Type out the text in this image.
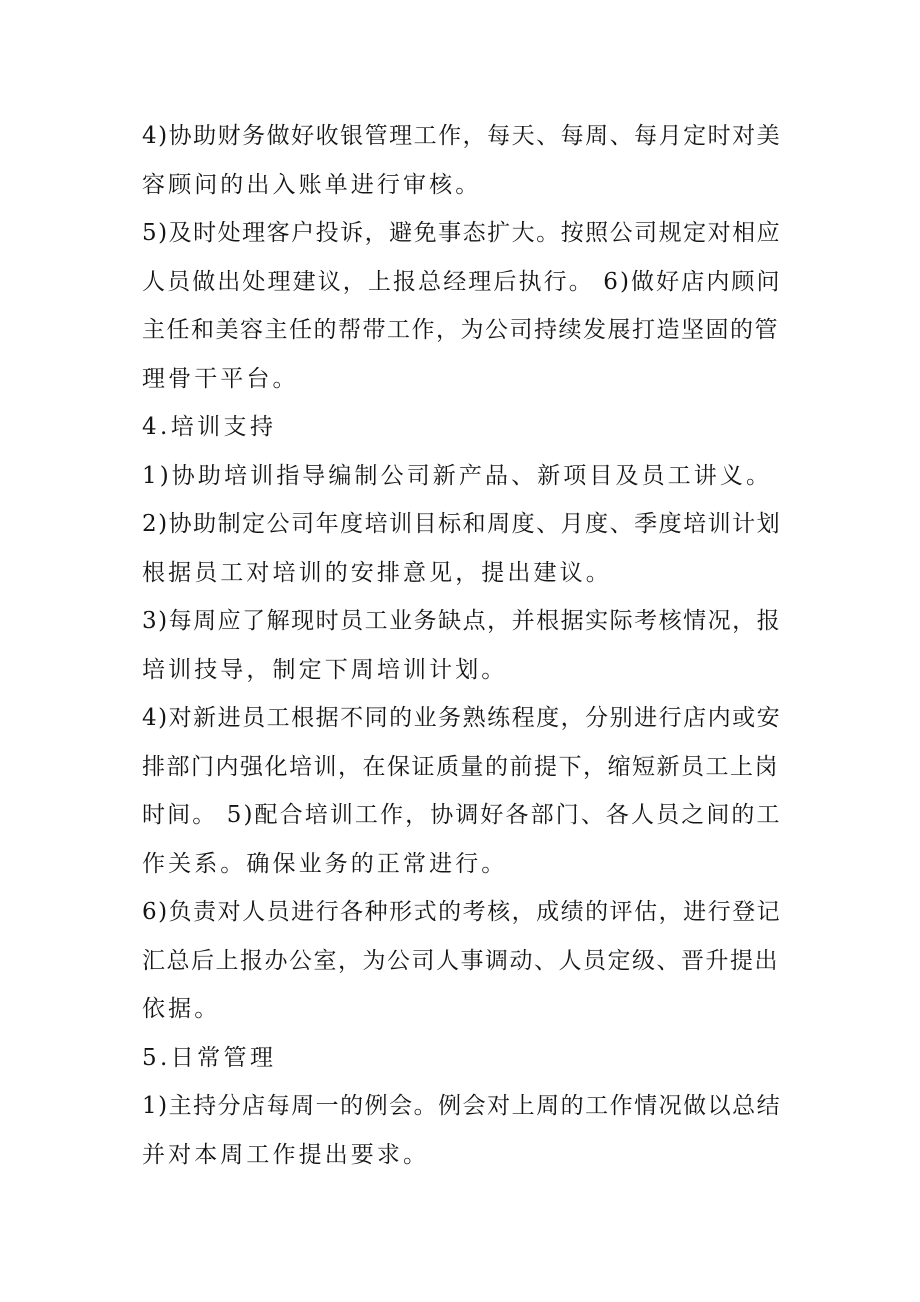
4)协助财务做好收银管理工作，每天、每周、每月定时对美
容顾问的出入账单进行审核。
5)及时处理客户投诉，避免事态扩大。按照公司规定对相应
人员做出处理建议，上报总经理后执行。 6)做好店内顾问
主任和美容主任的帮带工作，为公司持续发展打造坚固的管
理骨干平台。
4.培训支持
1)协助培训指导编制公司新产品、新项目及员工讲义。
2)协助制定公司年度培训目标和周度、月度、季度培训计划
根据员工对培训的安排意见，提出建议。
3)每周应了解现时员工业务缺点，并根据实际考核情况，报
培训技导，制定下周培训计划。
4)对新进员工根据不同的业务熟练程度，分别进行店内或安
排部门内强化培训，在保证质量的前提下，缩短新员工上岗
时间。 5)配合培训工作，协调好各部门、各人员之间的工
作关系。确保业务的正常进行。
6)负责对人员进行各种形式的考核，成绩的评估，进行登记
汇总后上报办公室，为公司人事调动、人员定级、晋升提出
依据。
5.日常管理
1)主持分店每周一的例会。例会对上周的工作情况做以总结
并对本周工作提出要求。
